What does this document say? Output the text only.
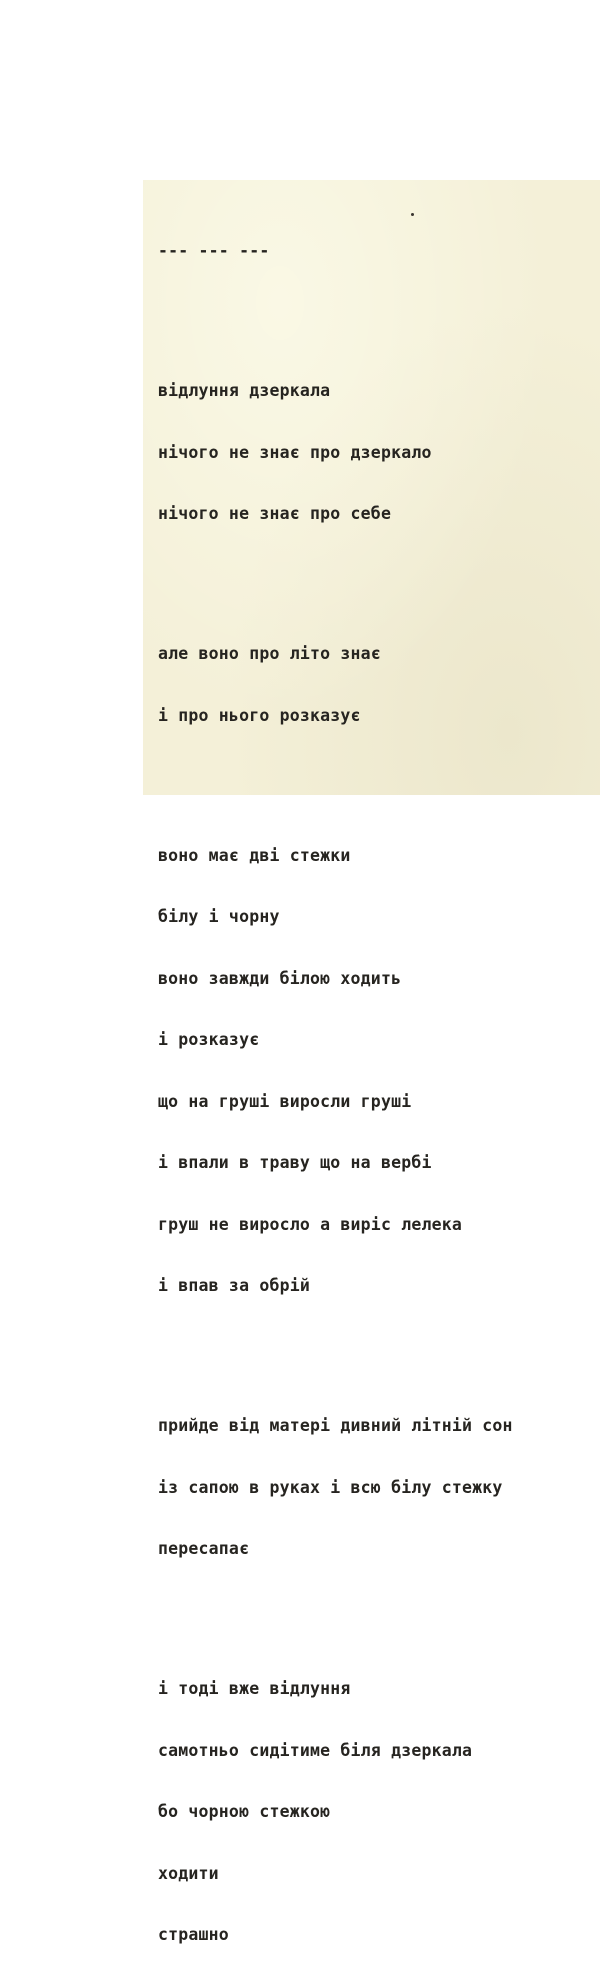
--- --- ---

відлуння дзеркала

нічого не знає про дзеркало

нічого не знає про себе

але воно про літо знає

і про нього розказує

воно має дві стежки

білу і чорну

воно завжди білою ходить

і розказує

що на груші виросли груші

і впали в траву що на вербі

груш не виросло а виріс лелека

і впав за обрій

прийде від матері дивний літній сон

із сапою в руках і всю білу стежку

пересапає

і тоді вже відлуння

самотньо сидітиме біля дзеркала

бо чорною стежкою

ходити

страшно
